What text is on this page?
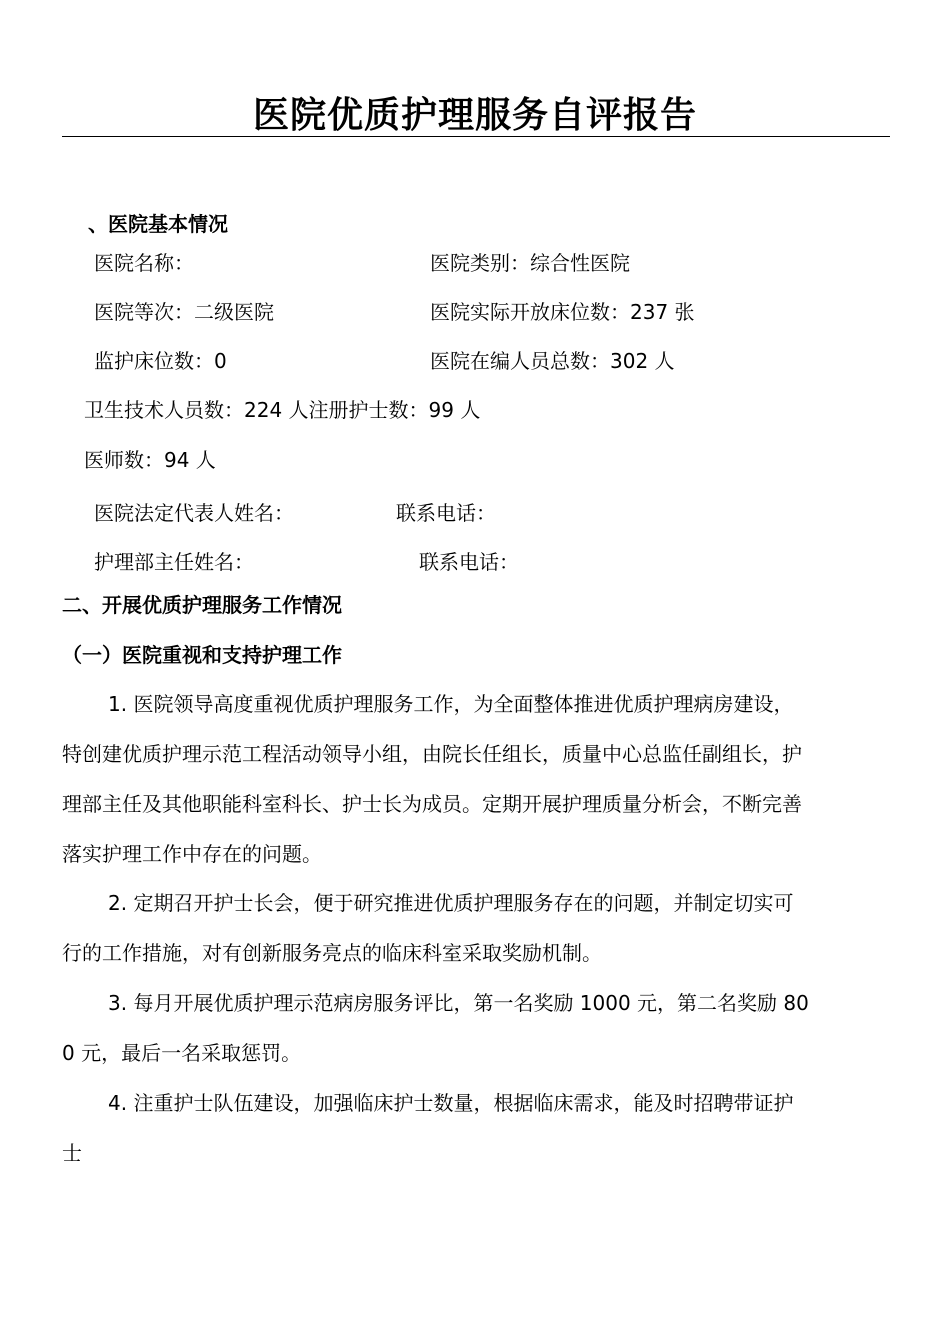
医院优质护理服务自评报告
、医院基本情况
医院名称：	医院类别：综合性医院
医院等次：二级医院	医院实际开放床位数：237 张
监护床位数：0	医院在编人员总数：302 人
卫生技术人员数：224 人注册护士数：99 人
医师数：94 人
医院法定代表人姓名：	联系电话：
护理部主任姓名：	联系电话：
二、开展优质护理服务工作情况
（一）医院重视和支持护理工作
1. 医院领导高度重视优质护理服务工作，为全面整体推进优质护理病房建设，
特创建优质护理示范工程活动领导小组，由院长任组长，质量中心总监任副组长，护
理部主任及其他职能科室科长、护士长为成员。定期开展护理质量分析会，不断完善
落实护理工作中存在的问题。
2. 定期召开护士长会，便于研究推进优质护理服务存在的问题，并制定切实可
行的工作措施，对有创新服务亮点的临床科室采取奖励机制。
3. 每月开展优质护理示范病房服务评比，第一名奖励 1000 元，第二名奖励 80
0 元，最后一名采取惩罚。
4. 注重护士队伍建设，加强临床护士数量，根据临床需求，能及时招聘带证护
士
